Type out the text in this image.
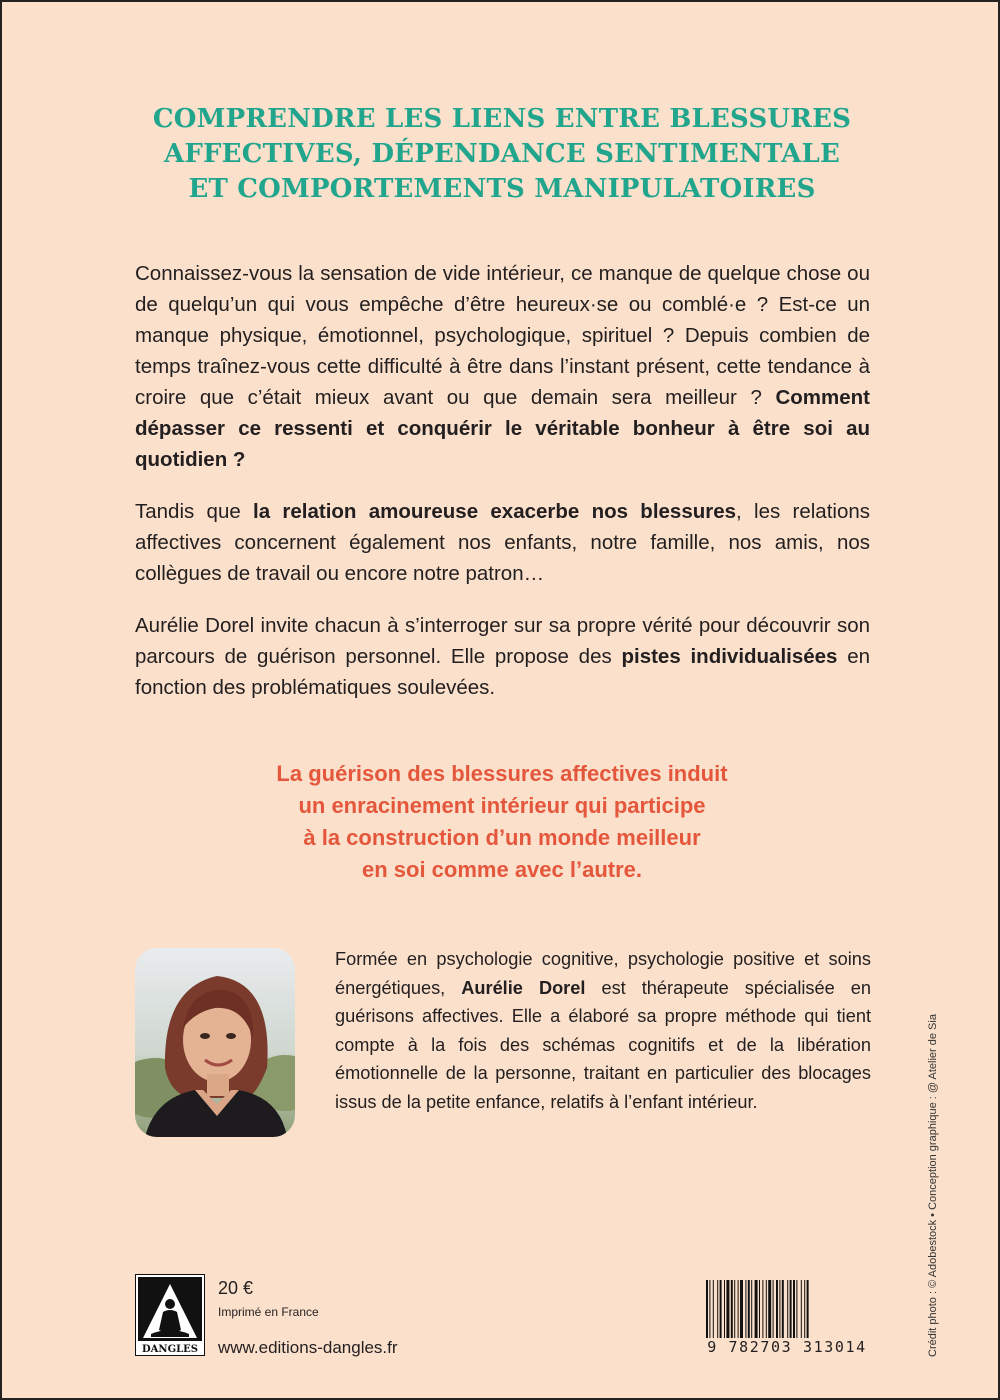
COMPRENDRE LES LIENS ENTRE BLESSURES
AFFECTIVES, DÉPENDANCE SENTIMENTALE
ET COMPORTEMENTS MANIPULATOIRES

Connaissez-vous la sensation de vide intérieur, ce manque de quelque chose ou de quelqu’un qui vous empêche d’être heureux·se ou comblé·e ? Est-ce un manque physique, émotionnel, psychologique, spirituel ? Depuis combien de temps traînez-vous cette difficulté à être dans l’instant présent, cette tendance à croire que c’était mieux avant ou que demain sera meilleur ? Comment dépasser ce ressenti et conquérir le véritable bonheur à être soi au quotidien ?

Tandis que la relation amoureuse exacerbe nos blessures, les relations affectives concernent également nos enfants, notre famille, nos amis, nos collègues de travail ou encore notre patron…

Aurélie Dorel invite chacun à s’interroger sur sa propre vérité pour découvrir son parcours de guérison personnel. Elle propose des pistes individualisées en fonction des problématiques soulevées.

La guérison des blessures affectives induit
un enracinement intérieur qui participe
à la construction d’un monde meilleur
en soi comme avec l’autre.

Formée en psychologie cognitive, psychologie positive et soins énergétiques, Aurélie Dorel est thérapeute spécialisée en guérisons affectives. Elle a élaboré sa propre méthode qui tient compte à la fois des schémas cognitifs et de la libération émotionnelle de la personne, traitant en particulier des blocages issus de la petite enfance, relatifs à l’enfant intérieur.	Crédit photo : © Adobestock • Conception graphique : @ Atelier de Sia
DANGLES
20 €
Imprimé en France
www.editions-dangles.fr	9 782703 313014
